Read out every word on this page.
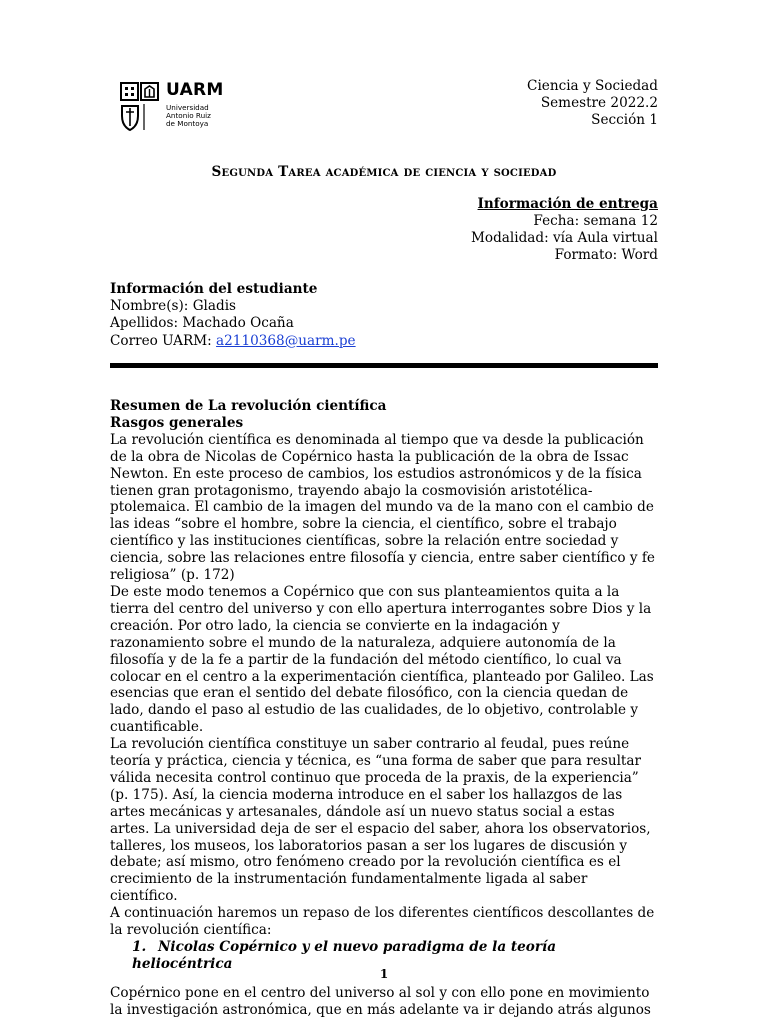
UARM
Universidad
Antonio Ruiz
de Montoya
Ciencia y Sociedad
Semestre 2022.2
Sección 1
Segunda Tarea académica de ciencia y sociedad
Información de entrega
Fecha: semana 12
Modalidad: vía Aula virtual
Formato: Word
Información del estudiante
Nombre(s): Gladis
Apellidos: Machado Ocaña
Correo UARM: a2110368@uarm.pe

Resumen de La revolución científica

Rasgos generales

La revolución científica es denominada al tiempo que va desde la publicación de la obra de Nicolas de Copérnico hasta la publicación de la obra de Issac Newton. En este proceso de cambios, los estudios astronómicos y de la física tienen gran protagonismo, trayendo abajo la cosmovisión aristotélica-ptolemaica. El cambio de la imagen del mundo va de la mano con el cambio de las ideas “sobre el hombre, sobre la ciencia, el científico, sobre el trabajo científico y las instituciones científicas, sobre la relación entre sociedad y ciencia, sobre las relaciones entre filosofía y ciencia, entre saber científico y fe religiosa” (p. 172)

De este modo tenemos a Copérnico que con sus planteamientos quita a la tierra del centro del universo y con ello apertura interrogantes sobre Dios y la creación. Por otro lado, la ciencia se convierte en la indagación y razonamiento sobre el mundo de la naturaleza, adquiere autonomía de la filosofía y de la fe a partir de la fundación del método científico, lo cual va colocar en el centro a la experimentación científica, planteado por Galileo. Las esencias que eran el sentido del debate filosófico, con la ciencia quedan de lado, dando el paso al estudio de las cualidades, de lo objetivo, controlable y cuantificable.

La revolución científica constituye un saber contrario al feudal, pues reúne teoría y práctica, ciencia y técnica, es “una forma de saber que para resultar válida necesita control continuo que proceda de la praxis, de la experiencia” (p. 175). Así, la ciencia moderna introduce en el saber los hallazgos de las artes mecánicas y artesanales, dándole así un nuevo status social a estas artes. La universidad deja de ser el espacio del saber, ahora los observatorios, talleres, los museos, los laboratorios pasan a ser los lugares de discusión y debate; así mismo, otro fenómeno creado por la revolución científica es el crecimiento de la instrumentación fundamentalmente ligada al saber científico.

A continuación haremos un repaso de los diferentes científicos descollantes de la revolución científica:

1. Nicolas Copérnico y el nuevo paradigma de la teoría heliocéntrica

Copérnico pone en el centro del universo al sol y con ello pone en movimiento la investigación astronómica, que en más adelante va ir dejando atrás algunos

1
